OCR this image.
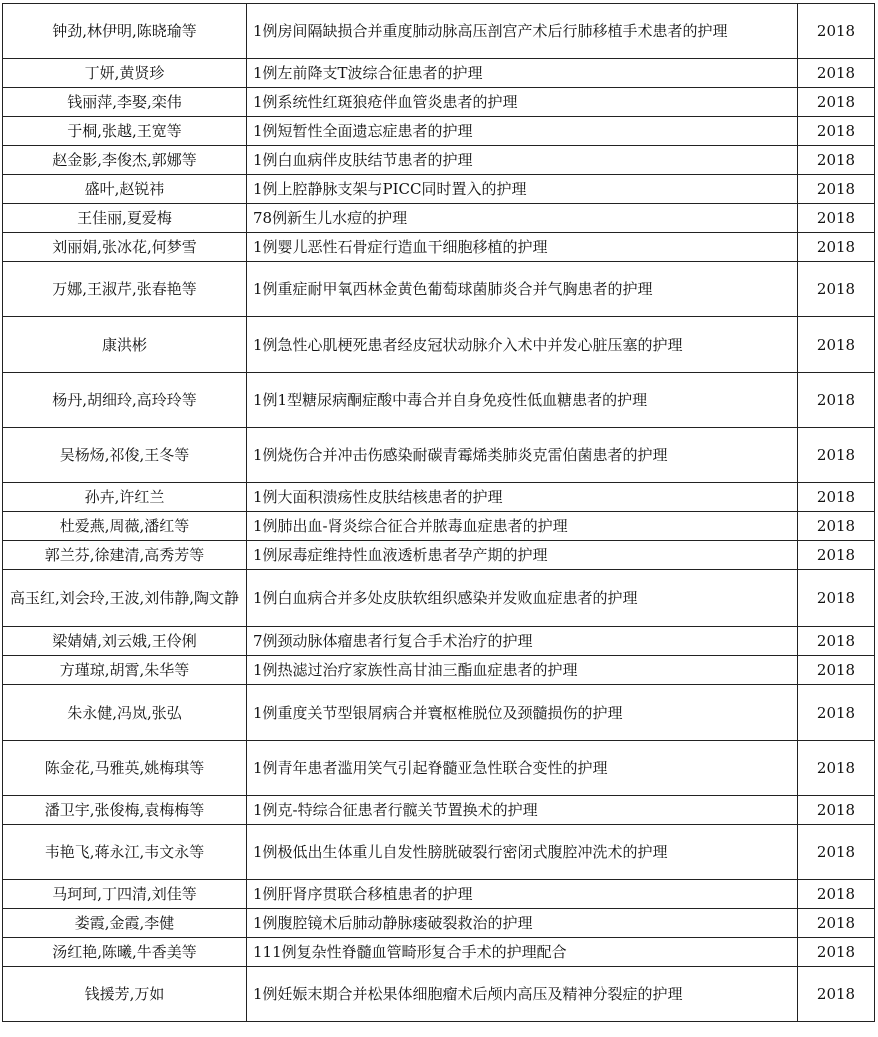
钟劲,林伊明,陈晓瑜等	1例房间隔缺损合并重度肺动脉高压剖宫产术后行肺移植手术患者的护理	2018
丁妍,黄贤珍	1例左前降支T波综合征患者的护理	2018
钱丽萍,李娶,栾伟	1例系统性红斑狼疮伴血管炎患者的护理	2018
于桐,张越,王宽等	1例短暂性全面遗忘症患者的护理	2018
赵金影,李俊杰,郭娜等	1例白血病伴皮肤结节患者的护理	2018
盛叶,赵锐祎	1例上腔静脉支架与PICC同时置入的护理	2018
王佳丽,夏爱梅	78例新生儿水痘的护理	2018
刘丽娟,张冰花,何梦雪	1例婴儿恶性石骨症行造血干细胞移植的护理	2018
万娜,王淑芹,张春艳等	1例重症耐甲氧西林金黄色葡萄球菌肺炎合并气胸患者的护理	2018
康洪彬	1例急性心肌梗死患者经皮冠状动脉介入术中并发心脏压塞的护理	2018
杨丹,胡细玲,高玲玲等	1例1型糖尿病酮症酸中毒合并自身免疫性低血糖患者的护理	2018
吴杨炀,祁俊,王冬等	1例烧伤合并冲击伤感染耐碳青霉烯类肺炎克雷伯菌患者的护理	2018
孙卉,许红兰	1例大面积溃疡性皮肤结核患者的护理	2018
杜爱燕,周薇,潘红等	1例肺出血-肾炎综合征合并脓毒血症患者的护理	2018
郭兰芬,徐建清,高秀芳等	1例尿毒症维持性血液透析患者孕产期的护理	2018
高玉红,刘会玲,王波,刘伟静,陶文静	1例白血病合并多处皮肤软组织感染并发败血症患者的护理	2018
梁婧婧,刘云娥,王伶俐	7例颈动脉体瘤患者行复合手术治疗的护理	2018
方瑾琼,胡霄,朱华等	1例热滤过治疗家族性高甘油三酯血症患者的护理	2018
朱永健,冯岚,张弘	1例重度关节型银屑病合并寰枢椎脱位及颈髓损伤的护理	2018
陈金花,马雅英,姚梅琪等	1例青年患者滥用笑气引起脊髓亚急性联合变性的护理	2018
潘卫宇,张俊梅,袁梅梅等	1例克-特综合征患者行髋关节置换术的护理	2018
韦艳飞,蒋永江,韦文永等	1例极低出生体重儿自发性膀胱破裂行密闭式腹腔冲洗术的护理	2018
马珂珂,丁四清,刘佳等	1例肝肾序贯联合移植患者的护理	2018
娄霞,金霞,李健	1例腹腔镜术后肺动静脉瘘破裂救治的护理	2018
汤红艳,陈曦,牛香美等	111例复杂性脊髓血管畸形复合手术的护理配合	2018
钱援芳,万如	1例妊娠末期合并松果体细胞瘤术后颅内高压及精神分裂症的护理	2018
